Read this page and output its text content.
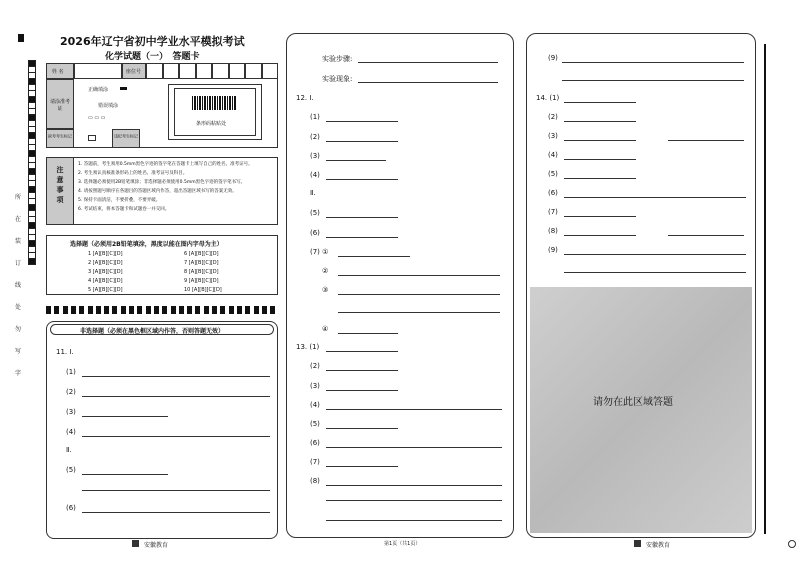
所
在
装
订
线
处
勿
写
字
2026年辽宁省初中学业水平模拟考试
化学试题（一）　答题卡
姓 名	座位号
请涂准考证
正确填涂
错误填涂
▭ ▭ ▭
条形码粘贴处
缺考考生标记	违纪考生标记
注意事项
1. 答题前，考生须用0.5mm黑色字迹的签字笔在答题卡上填写自己的姓名、准考证号。
2. 考生须认真核准条形码上的姓名、准考证号及科目。
3. 选择题必须使用2B铅笔填涂；非选择题必须使用0.5mm黑色字迹的签字笔书写。
4. 请按照题号顺序在各题目的答题区域内作答，超出答题区域书写的答案无效。
5. 保持卡面清洁，不要折叠，不要弄破。
6. 考试结束，将本答题卡和试题卷一并交回。
选择题（必须用2B铅笔填涂，黑度以能在图内字母为主）
1 [A][B][C][D]
2 [A][B][C][D]
3 [A][B][C][D]
4 [A][B][C][D]
5 [A][B][C][D]
6 [A][B][C][D]
7 [A][B][C][D]
8 [A][B][C][D]
9 [A][B][C][D]
10 [A][B][C][D]
非选择题（必须在黑色框区域内作答，否则答题无效）
11. Ⅰ.
(1)
(2)
(3)
(4)
(5)
(6)
Ⅱ.
实验步骤:
实验现象:
12. Ⅰ.
(1)
(2)
(3)
(4)
Ⅱ.
(5)
(6)
(7) ①
②
③
④
13. (1)
(2)
(3)
(4)
(5)
(6)
(7)
(8)
请勿在此区域答题
(9)
14. (1)
(2)
(3)
(4)
(5)
(6)
(7)
(8)
(9)
安徽教育	第1页（共1页）	安徽教育
